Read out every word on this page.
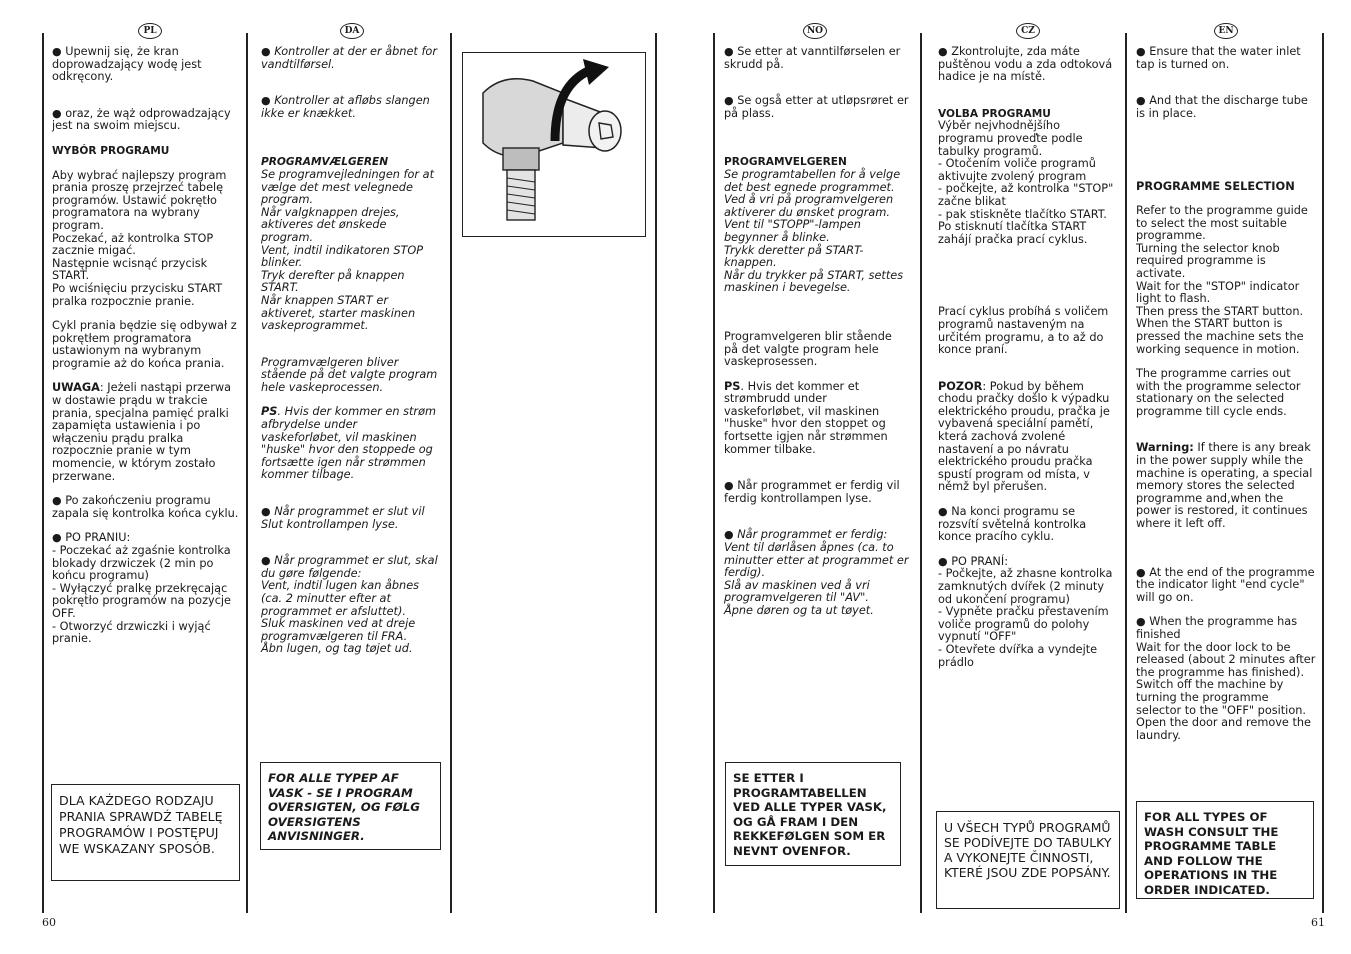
PL	DA	NO	CZ	EN

● Upewnij się, że kran doprowadzający wodę jest odkręcony.

● oraz, że wąż odprowadzający jest na swoim miejscu.

WYBÓR PROGRAMU

Aby wybrać najlepszy program prania proszę przejrzeć tabelę programów. Ustawić pokrętło programatora na wybrany program.
Poczekać, aż kontrolka STOP zacznie migać.
Następnie wcisnąć przycisk START.
Po wciśnięciu przycisku START pralka rozpocznie pranie.

Cykl prania będzie się odbywał z pokrętłem programatora ustawionym na wybranym programie aż do końca prania.

UWAGA: Jeżeli nastąpi przerwa w dostawie prądu w trakcie prania, specjalna pamięć pralki zapamięta ustawienia i po włączeniu prądu pralka rozpocznie pranie w tym momencie, w którym zostało przerwane.

● Po zakończeniu programu zapala się kontrolka końca cyklu.

● PO PRANIU:
- Poczekać aż zgaśnie kontrolka blokady drzwiczek (2 min po końcu programu)
- Wyłączyć pralkę przekręcając pokrętło programów na pozycje OFF.
- Otworzyć drzwiczki i wyjąć pranie.

DLA KAŻDEGO RODZAJU PRANIA SPRAWDŹ TABELĘ PROGRAMÓW I POSTĘPUJ WE WSKAZANY SPOSÓB.

● Kontroller at der er åbnet for vandtilførsel.

● Kontroller at afløbs slangen ikke er knækket.

PROGRAMVÆLGEREN

Se programvejledningen for at vælge det mest velegnede program.
Når valgknappen drejes, aktiveres det ønskede program.
Vent, indtil indikatoren STOP blinker.
Tryk derefter på knappen START.
Når knappen START er aktiveret, starter maskinen vaskeprogrammet.

Programvælgeren bliver stående på det valgte program hele vaskeprocessen.

PS. Hvis der kommer en strøm afbrydelse under vaskeforløbet, vil maskinen "huske" hvor den stoppede og fortsætte igen når strømmen kommer tilbage.

● Når programmet er slut vil Slut kontrollampen lyse.

● Når programmet er slut, skal du gøre følgende:
Vent, indtil lugen kan åbnes (ca. 2 minutter efter at programmet er afsluttet).
Sluk maskinen ved at dreje programvælgeren til FRA.
Åbn lugen, og tag tøjet ud.

FOR ALLE TYPEP AF VASK - SE I PROGRAM OVERSIGTEN, OG FØLG OVERSIGTENS ANVISNINGER.

● Se etter at vanntilførselen er skrudd på.

● Se også etter at utløpsrøret er på plass.

PROGRAMVELGEREN

Se programtabellen for å velge det best egnede programmet.
Ved å vri på programvelgeren aktiverer du ønsket program.
Vent til "STOPP"-lampen begynner å blinke.
Trykk deretter på START-knappen.
Når du trykker på START, settes maskinen i bevegelse.

Programvelgeren blir stående på det valgte program hele vaskeprosessen.

PS. Hvis det kommer et strømbrudd under vaskeforløbet, vil maskinen "huske" hvor den stoppet og fortsette igjen når strømmen kommer tilbake.

● Når programmet er ferdig vil ferdig kontrollampen lyse.

● Når programmet er ferdig:
Vent til dørlåsen åpnes (ca. to minutter etter at programmet er ferdig).
Slå av maskinen ved å vri programvelgeren til "AV".
Åpne døren og ta ut tøyet.

SE ETTER I PROGRAMTABELLEN VED ALLE TYPER VASK, OG GÅ FRAM I DEN REKKEFØLGEN SOM ER NEVNT OVENFOR.

● Zkontrolujte, zda máte puštěnou vodu a zda odtoková hadice je na místě.

VOLBA PROGRAMU

Výběr nejvhodnějšího programu proveďte podle tabulky programů.
- Otočením voliče programů aktivujte zvolený program
- počkejte, až kontrolka "STOP" začne blikat
- pak stiskněte tlačítko START.
Po stisknutí tlačítka START zahájí pračka prací cyklus.

Prací cyklus probíhá s voličem programů nastaveným na určitém programu, a to až do konce praní.

POZOR: Pokud by během chodu pračky došlo k výpadku elektrického proudu, pračka je vybavená speciální pamětí, která zachová zvolené nastavení a po návratu elektrického proudu pračka spustí program od místa, v němž byl přerušen.

● Na konci programu se rozsvítí světelná kontrolka konce pracího cyklu.

● PO PRANÍ:
- Počkejte, až zhasne kontrolka zamknutých dvířek (2 minuty od ukončení programu)
- Vypněte pračku přestavením voliče programů do polohy vypnutí "OFF"
- Otevřete dvířka a vyndejte prádlo

U VŠECH TYPŮ PROGRAMŮ SE PODÍVEJTE DO TABULKY A VYKONEJTE ČINNOSTI, KTERÉ JSOU ZDE POPSÁNY.

● Ensure that the water inlet tap is turned on.

● And that the discharge tube is in place.

PROGRAMME SELECTION

Refer to the programme guide to select the most suitable programme.
Turning the selector knob required programme is activate.
Wait for the "STOP" indicator light to flash.
Then press the START button.
When the START button is pressed the machine sets the working sequence in motion.

The programme carries out with the programme selector stationary on the selected programme till cycle ends.

Warning: If there is any break in the power supply while the machine is operating, a special memory stores the selected programme and,when the power is restored, it continues where it left off.

● At the end of the programme the indicator light "end cycle" will go on.

● When the programme has finished
Wait for the door lock to be released (about 2 minutes after the programme has finished).
Switch off the machine by turning the programme selector to the "OFF" position.
Open the door and remove the laundry.

FOR ALL TYPES OF WASH CONSULT THE PROGRAMME TABLE AND FOLLOW THE OPERATIONS IN THE ORDER INDICATED.
60	61
